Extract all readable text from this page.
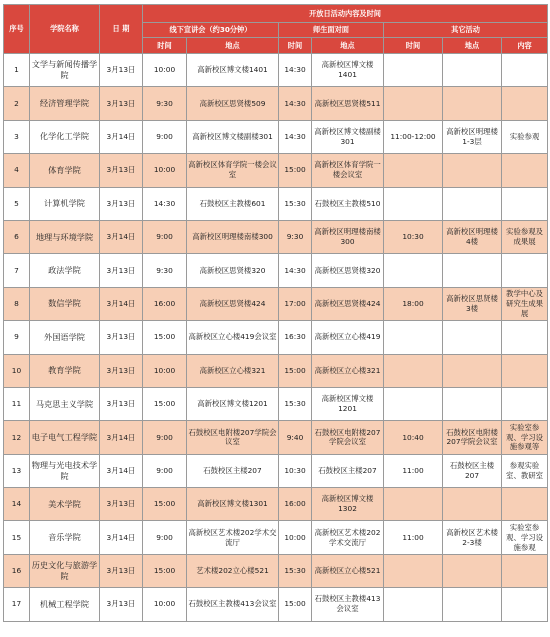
序号	学院名称	日 期	开放日活动内容及时间						
			线下宣讲会（约30分钟）		师生面对面		其它活动		
			时间	地点	时间	地点	时间	地点	内容
1	文学与新闻传播学院	3月13日	10:00	高新校区博文楼1401	14:30	高新校区博文楼1401			
2	经济管理学院	3月13日	9:30	高新校区思贤楼509	14:30	高新校区思贤楼511			
3	化学化工学院	3月14日	9:00	高新校区博文楼副楼301	14:30	高新校区博文楼副楼301	11:00-12:00	高新校区明理楼1-3层	实验参观
4	体育学院	3月13日	10:00	高新校区体育学院一楼会议室	15:00	高新校区体育学院一楼会议室			
5	计算机学院	3月13日	14:30	石鼓校区主教楼601	15:30	石鼓校区主教楼510			
6	地理与环境学院	3月14日	9:00	高新校区明理楼南楼300	9:30	高新校区明理楼南楼300	10:30	高新校区明理楼4楼	实验参观及成果展
7	政法学院	3月13日	9:30	高新校区思贤楼320	14:30	高新校区思贤楼320			
8	数信学院	3月14日	16:00	高新校区思贤楼424	17:00	高新校区思贤楼424	18:00	高新校区思贤楼3楼	教学中心及研究生成果展
9	外国语学院	3月13日	15:00	高新校区立心楼419会议室	16:30	高新校区立心楼419			
10	教育学院	3月13日	10:00	高新校区立心楼321	15:00	高新校区立心楼321			
11	马克思主义学院	3月13日	15:00	高新校区博文楼1201	15:30	高新校区博文楼1201			
12	电子电气工程学院	3月14日	9:00	石鼓校区电附楼207学院会议室	9:40	石鼓校区电附楼207学院会议室	10:40	石鼓校区电附楼207学院会议室	实验室参观、学习设施参观等
13	物理与光电技术学院	3月14日	9:00	石鼓校区主楼207	10:30	石鼓校区主楼207	11:00	石鼓校区主楼207	参观实验室、教研室
14	美术学院	3月13日	15:00	高新校区博文楼1301	16:00	高新校区博文楼1302			
15	音乐学院	3月14日	9:00	高新校区艺术楼202学术交流厅	10:00	高新校区艺术楼202学术交流厅	11:00	高新校区艺术楼2-3楼	实验室参观、学习设施参观
16	历史文化与旅游学院	3月13日	15:00	艺术楼202立心楼521	15:30	高新校区立心楼521			
17	机械工程学院	3月13日	10:00	石鼓校区主教楼413会议室	15:00	石鼓校区主教楼413会议室			
